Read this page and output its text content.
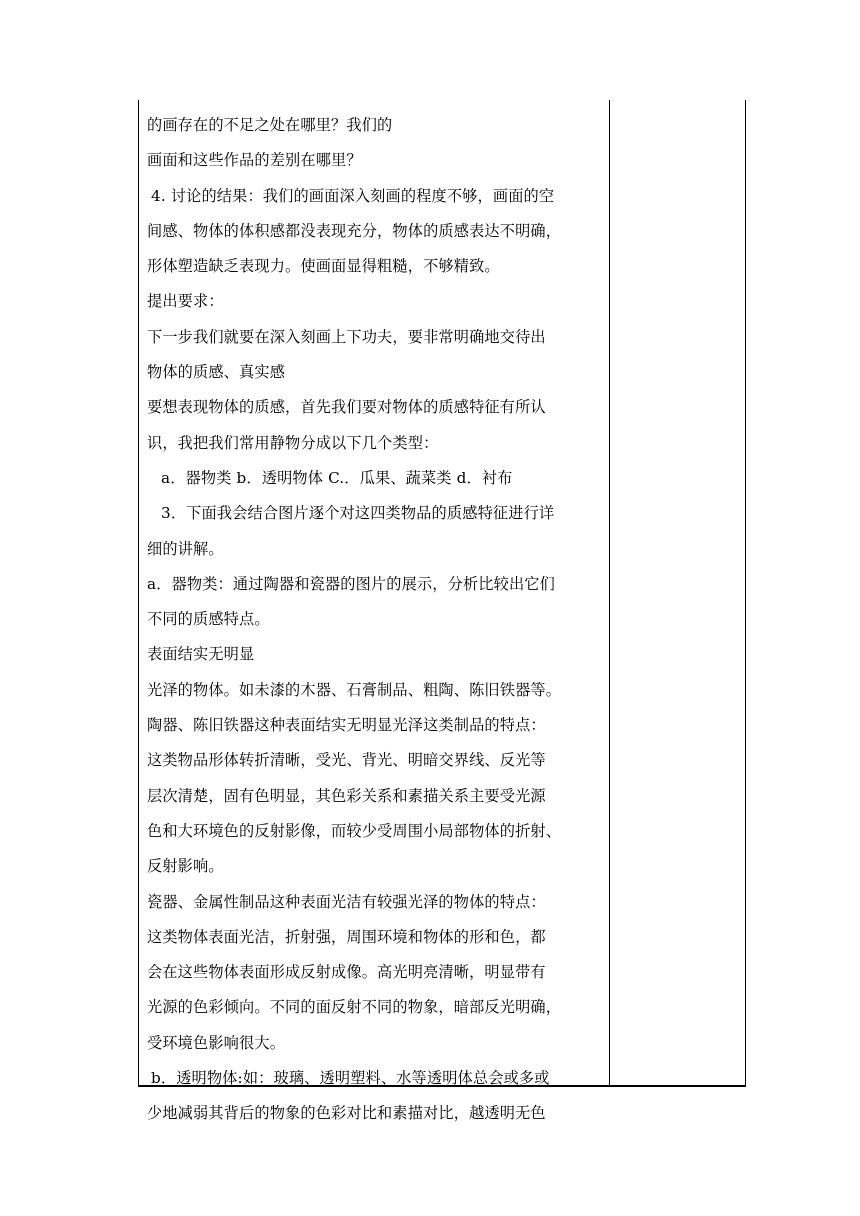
的画存在的不足之处在哪里？我们的
画面和这些作品的差别在哪里？
4. 讨论的结果：我们的画面深入刻画的程度不够，画面的空
间感、物体的体积感都没表现充分，物体的质感表达不明确，
形体塑造缺乏表现力。使画面显得粗糙，不够精致。
提出要求：
下一步我们就要在深入刻画上下功夫，要非常明确地交待出
物体的质感、真实感
要想表现物体的质感，首先我们要对物体的质感特征有所认
识，我把我们常用静物分成以下几个类型：
a．器物类 b．透明物体 C.．瓜果、蔬菜类 d．衬布
3．下面我会结合图片逐个对这四类物品的质感特征进行详
细的讲解。
a．器物类：通过陶器和瓷器的图片的展示，分析比较出它们
不同的质感特点。
表面结实无明显
光泽的物体。如未漆的木器、石膏制品、粗陶、陈旧铁器等。
陶器、陈旧铁器这种表面结实无明显光泽这类制品的特点：
这类物品形体转折清晰，受光、背光、明暗交界线、反光等
层次清楚，固有色明显，其色彩关系和素描关系主要受光源
色和大环境色的反射影像，而较少受周围小局部物体的折射、
反射影响。
瓷器、金属性制品这种表面光洁有较强光泽的物体的特点：
这类物体表面光洁，折射强，周围环境和物体的形和色，都
会在这些物体表面形成反射成像。高光明亮清晰，明显带有
光源的色彩倾向。不同的面反射不同的物象，暗部反光明确，
受环境色影响很大。
b．透明物体:如：玻璃、透明塑料、水等透明体总会或多或
少地减弱其背后的物象的色彩对比和素描对比，越透明无色
